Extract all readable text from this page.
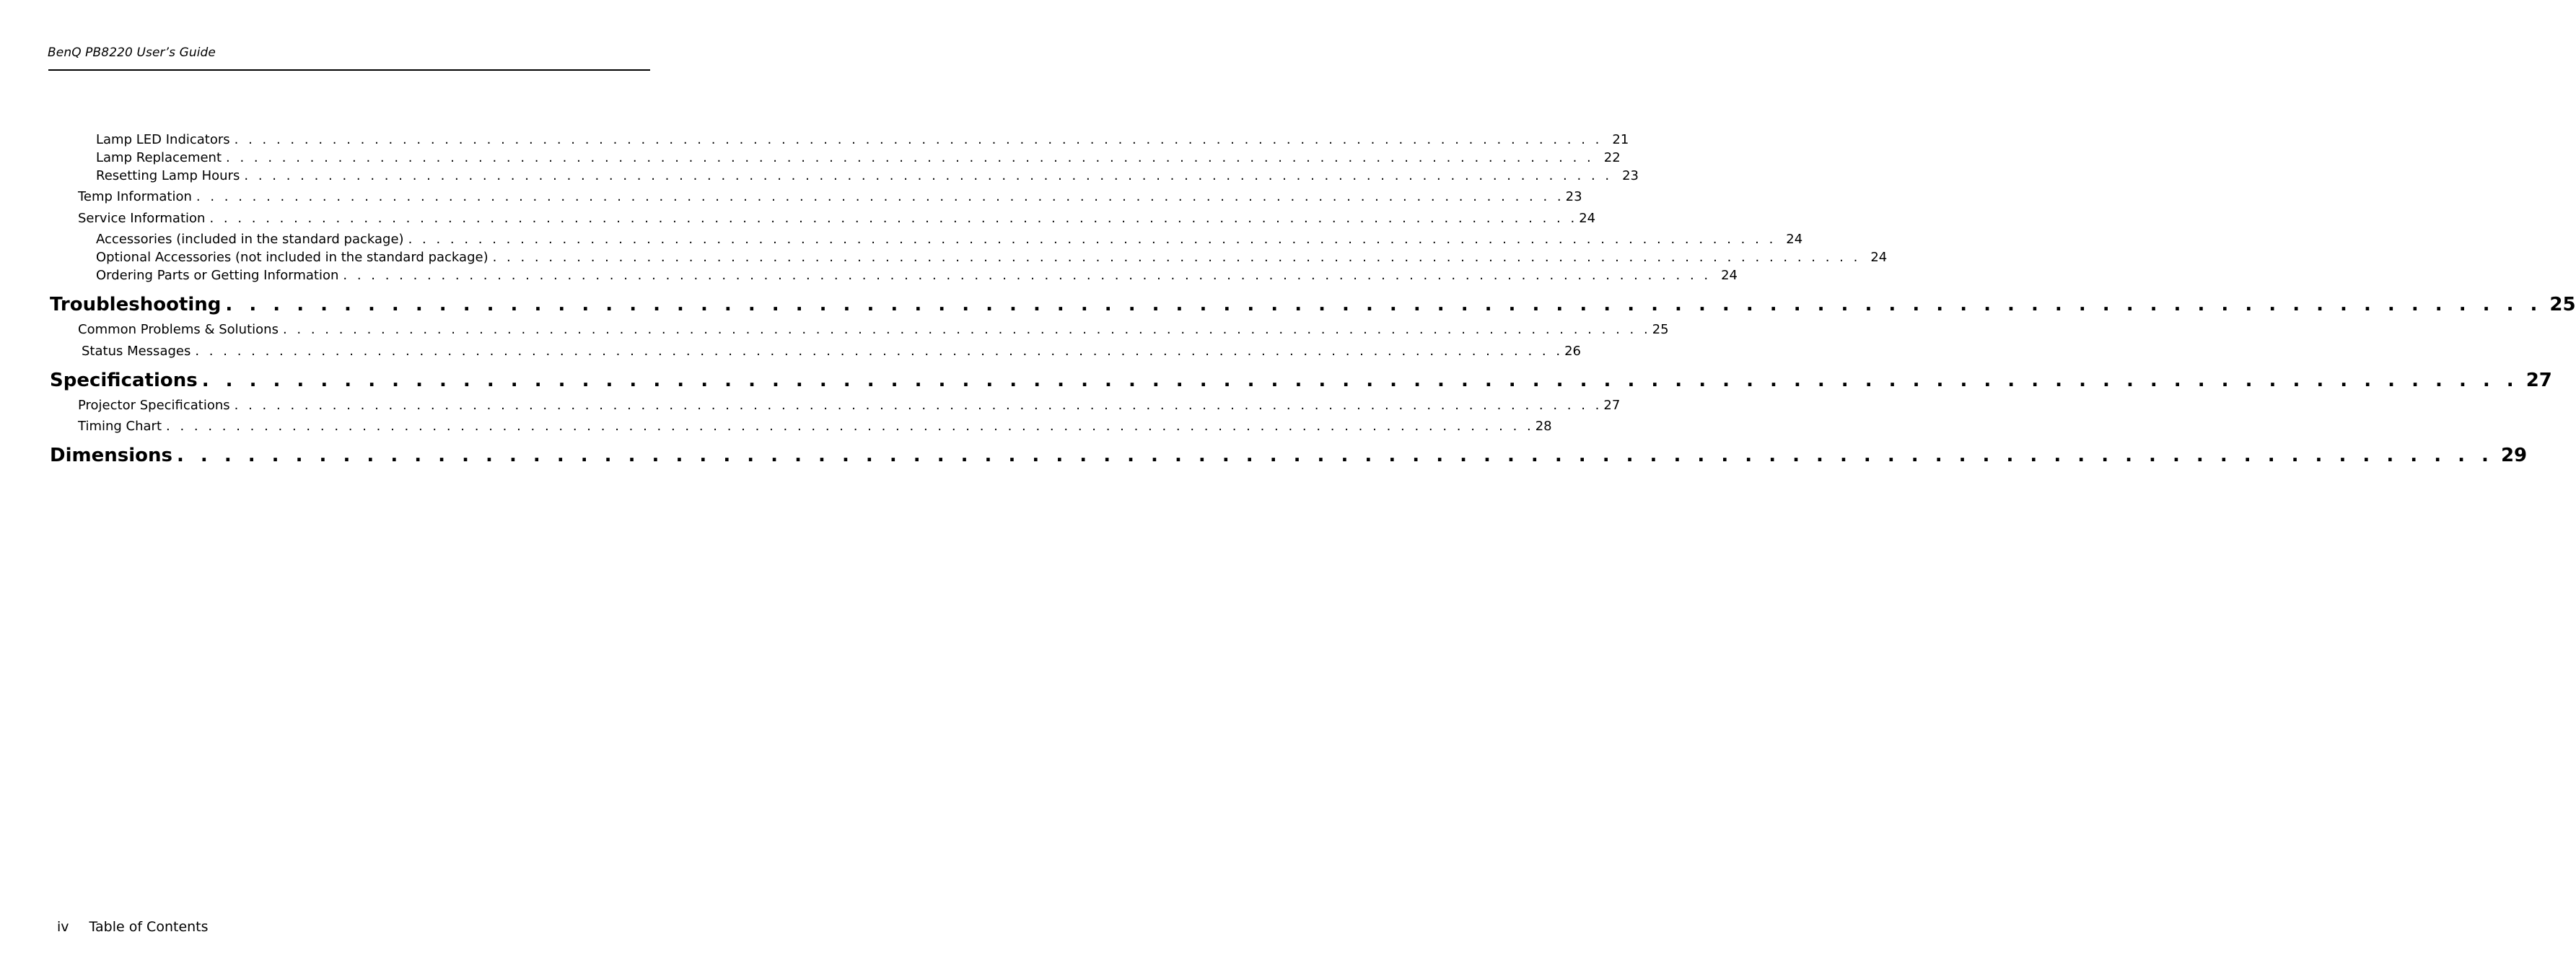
BenQ PB8220 User’s Guide
Lamp LED Indicators . . . . . . . . . . . . . . . . . . . . . . . . . . . . . . . . . . . . . . . . . . . . . . . . . . . . . . . . . . . . . . . . . . . . . . . . . . . . . . . . . . . . . . . . . . . . . . . . . . 21
Lamp Replacement . . . . . . . . . . . . . . . . . . . . . . . . . . . . . . . . . . . . . . . . . . . . . . . . . . . . . . . . . . . . . . . . . . . . . . . . . . . . . . . . . . . . . . . . . . . . . . . . . . 22
Resetting Lamp Hours . . . . . . . . . . . . . . . . . . . . . . . . . . . . . . . . . . . . . . . . . . . . . . . . . . . . . . . . . . . . . . . . . . . . . . . . . . . . . . . . . . . . . . . . . . . . . . . . . . 23
Temp Information . . . . . . . . . . . . . . . . . . . . . . . . . . . . . . . . . . . . . . . . . . . . . . . . . . . . . . . . . . . . . . . . . . . . . . . . . . . . . . . . . . . . . . . . . . . . . . . . . . 23
Service Information . . . . . . . . . . . . . . . . . . . . . . . . . . . . . . . . . . . . . . . . . . . . . . . . . . . . . . . . . . . . . . . . . . . . . . . . . . . . . . . . . . . . . . . . . . . . . . . . . . 24
Accessories (included in the standard package) . . . . . . . . . . . . . . . . . . . . . . . . . . . . . . . . . . . . . . . . . . . . . . . . . . . . . . . . . . . . . . . . . . . . . . . . . . . . . . . . . . . . . . . . . . . . . . . . . . 24
Optional Accessories (not included in the standard package) . . . . . . . . . . . . . . . . . . . . . . . . . . . . . . . . . . . . . . . . . . . . . . . . . . . . . . . . . . . . . . . . . . . . . . . . . . . . . . . . . . . . . . . . . . . . . . . . . . 24
Ordering Parts or Getting Information . . . . . . . . . . . . . . . . . . . . . . . . . . . . . . . . . . . . . . . . . . . . . . . . . . . . . . . . . . . . . . . . . . . . . . . . . . . . . . . . . . . . . . . . . . . . . . . . . . 24
Troubleshooting . . . . . . . . . . . . . . . . . . . . . . . . . . . . . . . . . . . . . . . . . . . . . . . . . . . . . . . . . . . . . . . . . . . . . . . . . . . . . . . . . . . . . . . . . . . . . . . . . . 25
Common Problems & Solutions . . . . . . . . . . . . . . . . . . . . . . . . . . . . . . . . . . . . . . . . . . . . . . . . . . . . . . . . . . . . . . . . . . . . . . . . . . . . . . . . . . . . . . . . . . . . . . . . . . 25
Status Messages . . . . . . . . . . . . . . . . . . . . . . . . . . . . . . . . . . . . . . . . . . . . . . . . . . . . . . . . . . . . . . . . . . . . . . . . . . . . . . . . . . . . . . . . . . . . . . . . . . 26
Specifications . . . . . . . . . . . . . . . . . . . . . . . . . . . . . . . . . . . . . . . . . . . . . . . . . . . . . . . . . . . . . . . . . . . . . . . . . . . . . . . . . . . . . . . . . . . . . . . . . . 27
Projector Specifications . . . . . . . . . . . . . . . . . . . . . . . . . . . . . . . . . . . . . . . . . . . . . . . . . . . . . . . . . . . . . . . . . . . . . . . . . . . . . . . . . . . . . . . . . . . . . . . . . . 27
Timing Chart . . . . . . . . . . . . . . . . . . . . . . . . . . . . . . . . . . . . . . . . . . . . . . . . . . . . . . . . . . . . . . . . . . . . . . . . . . . . . . . . . . . . . . . . . . . . . . . . . . 28
Dimensions . . . . . . . . . . . . . . . . . . . . . . . . . . . . . . . . . . . . . . . . . . . . . . . . . . . . . . . . . . . . . . . . . . . . . . . . . . . . . . . . . . . . . . . . . . . . . . . . . . 29
iv Table of Contents
